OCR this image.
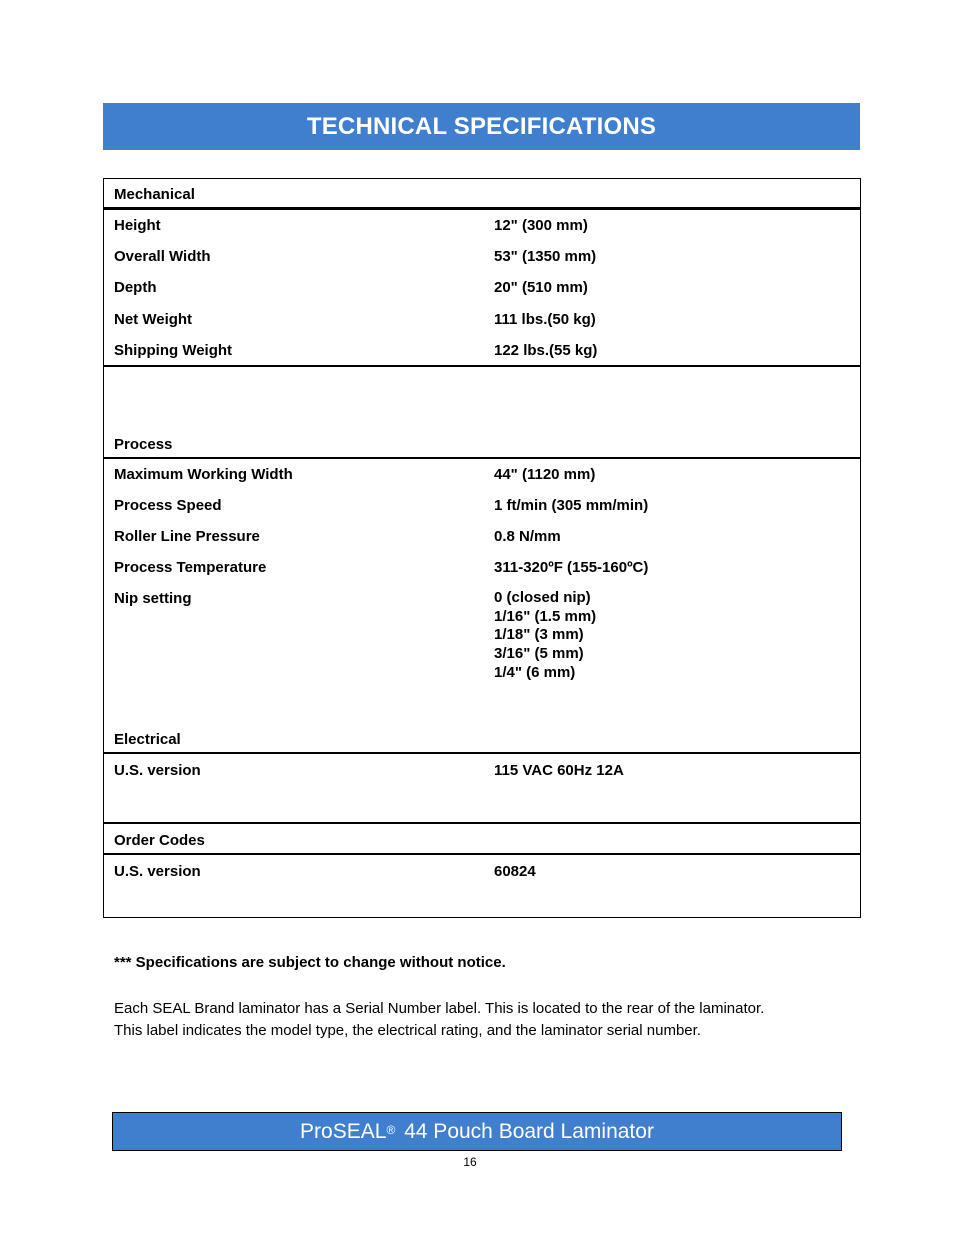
TECHNICAL SPECIFICATIONS
Mechanical
Height	12" (300 mm)
Overall Width	53" (1350 mm)
Depth	20" (510 mm)
Net Weight	111 lbs.(50 kg)
Shipping Weight	122 lbs.(55 kg)
Process
Maximum Working Width	44" (1120 mm)
Process Speed	1 ft/min (305 mm/min)
Roller Line Pressure	0.8 N/mm
Process Temperature	311-320ºF (155-160ºC)
Nip setting	0 (closed nip)
1/16" (1.5 mm)
1/18" (3 mm)
3/16" (5 mm)
1/4" (6 mm)
Electrical
U.S. version	115 VAC 60Hz 12A
Order Codes
U.S. version	60824
*** Specifications are subject to change without notice.
Each SEAL Brand laminator has a Serial Number label. This is located to the rear of the laminator.
This label indicates the model type, the electrical rating, and the laminator serial number.
ProSEAL® 44 Pouch Board Laminator
16
